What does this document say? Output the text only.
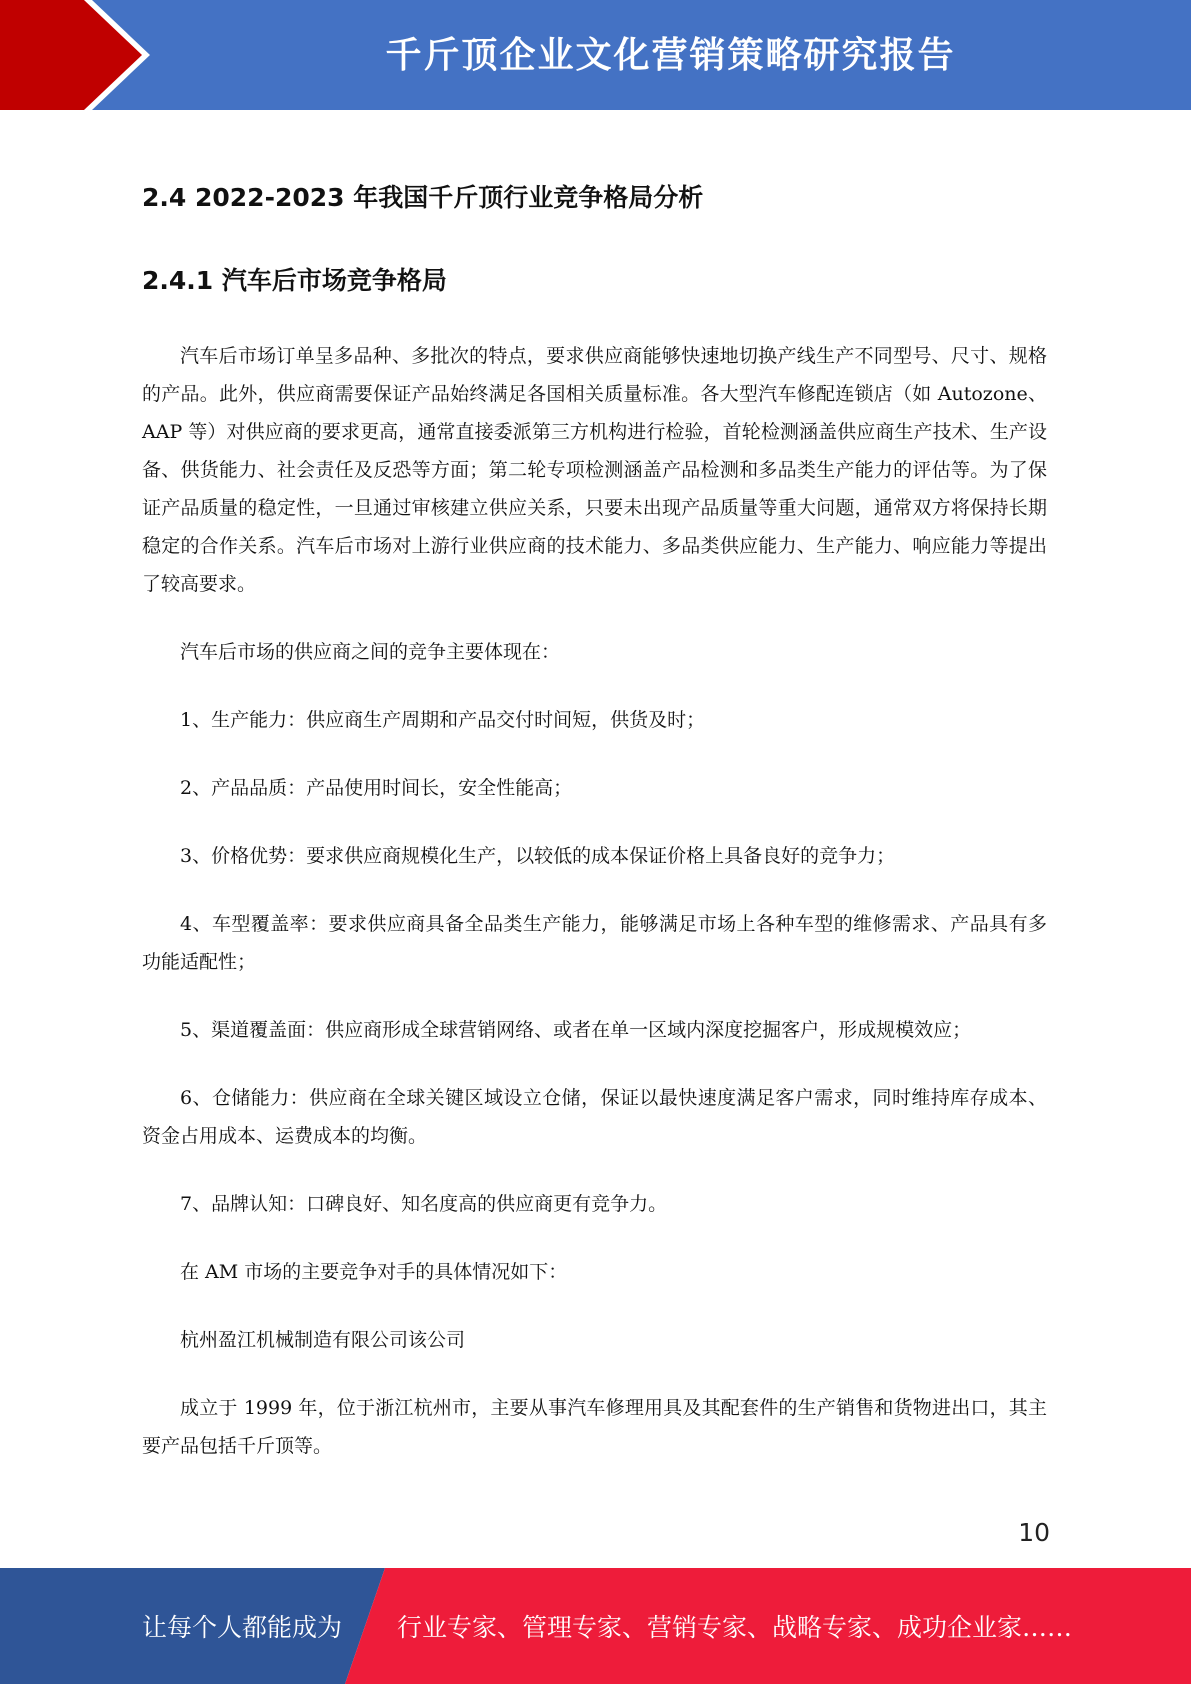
千斤顶企业文化营销策略研究报告
2.4 2022-2023 年我国千斤顶行业竞争格局分析
2.4.1 汽车后市场竞争格局

汽车后市场订单呈多品种、多批次的特点，要求供应商能够快速地切换产线生产不同型号、尺寸、规格的产品。此外，供应商需要保证产品始终满足各国相关质量标准。各大型汽车修配连锁店（如 Autozone、AAP 等）对供应商的要求更高，通常直接委派第三方机构进行检验，首轮检测涵盖供应商生产技术、生产设备、供货能力、社会责任及反恐等方面；第二轮专项检测涵盖产品检测和多品类生产能力的评估等。为了保证产品质量的稳定性，一旦通过审核建立供应关系，只要未出现产品质量等重大问题，通常双方将保持长期稳定的合作关系。汽车后市场对上游行业供应商的技术能力、多品类供应能力、生产能力、响应能力等提出了较高要求。

汽车后市场的供应商之间的竞争主要体现在：

1、生产能力：供应商生产周期和产品交付时间短，供货及时；

2、产品品质：产品使用时间长，安全性能高；

3、价格优势：要求供应商规模化生产，以较低的成本保证价格上具备良好的竞争力；

4、车型覆盖率：要求供应商具备全品类生产能力，能够满足市场上各种车型的维修需求、产品具有多功能适配性；

5、渠道覆盖面：供应商形成全球营销网络、或者在单一区域内深度挖掘客户，形成规模效应；

6、仓储能力：供应商在全球关键区域设立仓储，保证以最快速度满足客户需求，同时维持库存成本、资金占用成本、运费成本的均衡。

7、品牌认知：口碑良好、知名度高的供应商更有竞争力。

在 AM 市场的主要竞争对手的具体情况如下：

杭州盈江机械制造有限公司该公司

成立于 1999 年，位于浙江杭州市，主要从事汽车修理用具及其配套件的生产销售和货物进出口，其主要产品包括千斤顶等。

10
让每个人都能成为 行业专家、管理专家、营销专家、战略专家、成功企业家……
